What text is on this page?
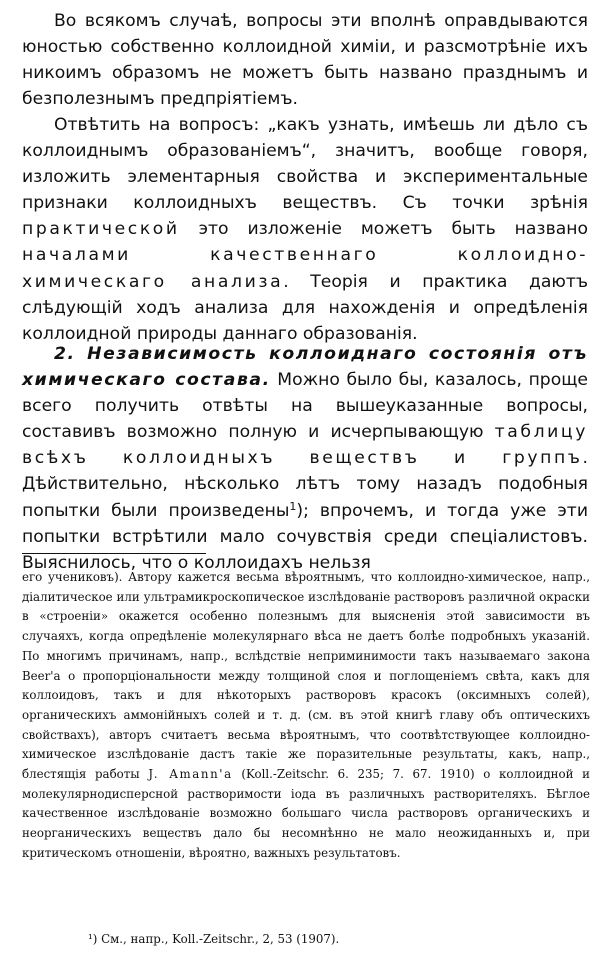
Во всякомъ случаѣ, вопросы эти вполнѣ оправдываются юностью собственно коллоидной химіи, и разсмотрѣніе ихъ никоимъ образомъ не можетъ быть названо празднымъ и безполезнымъ предпріятіемъ.

Отвѣтить на вопросъ: „какъ узнать, имѣешь ли дѣло съ коллоиднымъ образованіемъ“, значитъ, вообще говоря, изложить элементарныя свойства и экспериментальные признаки коллоидныхъ веществъ. Съ точки зрѣнія практической это изложеніе можетъ быть названо началами качественнаго коллоидно-химическаго анализа. Теорія и практика даютъ слѣдующій ходъ анализа для нахожденія и опредѣленія коллоидной природы даннаго образованія.

2. Независимость коллоиднаго состоянія отъ химическаго состава. Можно было бы, казалось, проще всего получить отвѣты на вышеуказанные вопросы, составивъ возможно полную и исчерпывающую таблицу всѣхъ коллоидныхъ веществъ и группъ. Дѣйствительно, нѣсколько лѣтъ тому назадъ подобныя попытки были произведены$^1$); впрочемъ, и тогда уже эти попытки встрѣтили мало сочувствія среди спеціалистовъ. Выяснилось, что о коллоидахъ нельзя

его учениковъ). Автору кажется весьма вѣроятнымъ, что коллоидно-химическое, напр., діалитическое или ультрамикроскопическое изслѣдованіе растворовъ различной окраски в «строеніи» окажется особенно полезнымъ для выясненія этой зависимости въ случаяхъ, когда опредѣленіе молекулярнаго вѣса не даетъ болѣе подробныхъ указаній. По многимъ причинамъ, напр., вслѣдствіе неприминимости такъ называемаго закона Beer'а о пропорціональности между толщиной слоя и поглощеніемъ свѣта, какъ для коллоидовъ, такъ и для нѣкоторыхъ растворовъ красокъ (оксимныхъ солей), органическихъ аммонійныхъ солей и т. д. (см. въ этой книгѣ главу объ оптическихъ свойствахъ), авторъ считаетъ весьма вѣроятнымъ, что соотвѣтствующее коллоидно-химическое изслѣдованіе дастъ такіе же поразительные результаты, какъ, напр., блестящія работы J. Amann'а (Koll.-Zeitschr. 6. 235; 7. 67. 1910) о коллоидной и молекулярнодисперсной растворимости іода въ различныхъ растворителяхъ. Бѣглое качественное изслѣдованіе возможно большаго числа растворовъ органическихъ и неорганическихъ веществъ дало бы несомнѣнно не мало неожиданныхъ и, при критическомъ отношеніи, вѣроятно, важныхъ результатовъ.

¹) См., напр., Koll.-Zeitschr., 2, 53 (1907).
